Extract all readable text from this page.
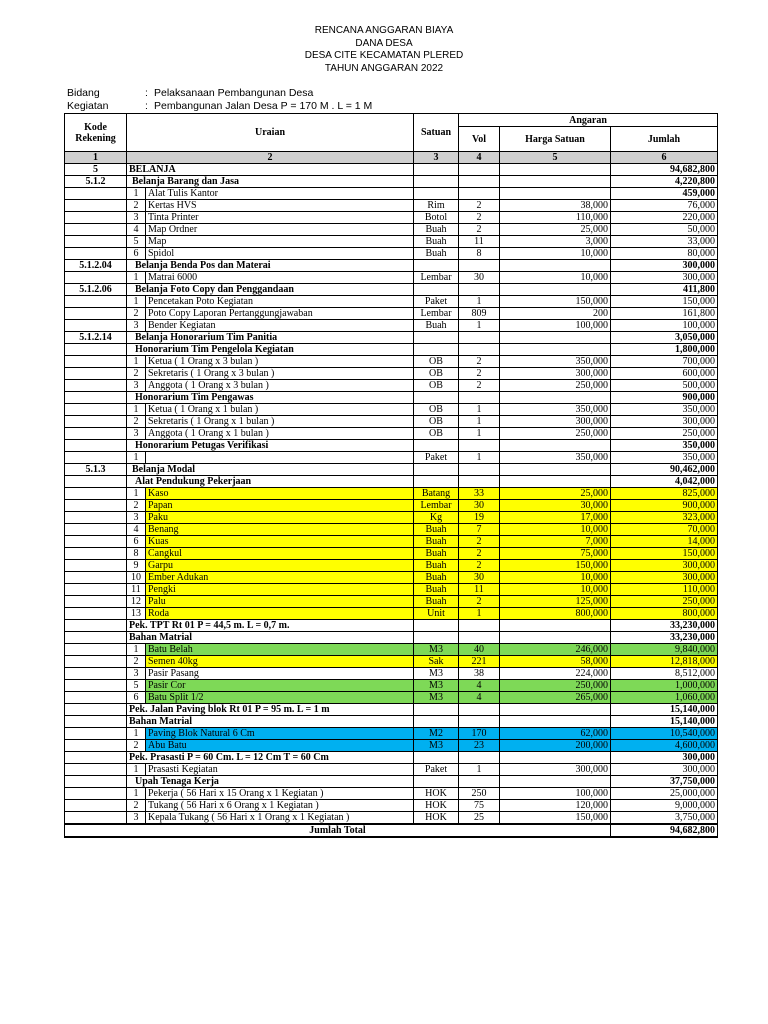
RENCANA ANGGARAN BIAYA
DANA DESA
DESA CITE KECAMATAN PLERED
TAHUN ANGGARAN 2022
Bidang	: Pelaksanaan Pembangunan Desa
Kegiatan	: Pembangunan Jalan Desa P = 170 M . L = 1 M
Kode Rekening	Uraian		Satuan	Angaran		
				Vol	Harga Satuan	Jumlah
1	2		3	4	5	6
5	BELANJA					94,682,800
5.1.2	Belanja Barang dan Jasa					4,220,800
	1	Alat Tulis Kantor				459,000
	2	Kertas HVS	Rim	2	38,000	76,000
	3	Tinta Printer	Botol	2	110,000	220,000
	4	Map Ordner	Buah	2	25,000	50,000
	5	Map	Buah	11	3,000	33,000
	6	Spidol	Buah	8	10,000	80,000
5.1.2.04	Belanja Benda Pos dan Materai					300,000
	1	Matrai 6000	Lembar	30	10,000	300,000
5.1.2.06	Belanja Foto Copy dan Penggandaan					411,800
	1	Pencetakan Poto Kegiatan	Paket	1	150,000	150,000
	2	Poto Copy Laporan Pertanggungjawaban	Lembar	809	200	161,800
	3	Bender Kegiatan	Buah	1	100,000	100,000
5.1.2.14	Belanja Honorarium Tim Panitia					3,050,000
	Honorarium Tim Pengelola Kegiatan					1,800,000
	1	Ketua ( 1 Orang x 3 bulan )	OB	2	350,000	700,000
	2	Sekretaris ( 1 Orang x 3 bulan )	OB	2	300,000	600,000
	3	Anggota ( 1 Orang x 3 bulan )	OB	2	250,000	500,000
	Honorarium Tim Pengawas					900,000
	1	Ketua ( 1 Orang x 1 bulan )	OB	1	350,000	350,000
	2	Sekretaris ( 1 Orang x 1 bulan )	OB	1	300,000	300,000
	3	Anggota ( 1 Orang x 1 bulan )	OB	1	250,000	250,000
	Honorarium Petugas Verifikasi					350,000
	1		Paket	1	350,000	350,000
5.1.3	Belanja Modal					90,462,000
	Alat Pendukung Pekerjaan					4,042,000
	1	Kaso	Batang	33	25,000	825,000
	2	Papan	Lembar	30	30,000	900,000
	3	Paku	Kg	19	17,000	323,000
	4	Benang	Buah	7	10,000	70,000
	6	Kuas	Buah	2	7,000	14,000
	8	Cangkul	Buah	2	75,000	150,000
	9	Garpu	Buah	2	150,000	300,000
	10	Ember Adukan	Buah	30	10,000	300,000
	11	Pengki	Buah	11	10,000	110,000
	12	Palu	Buah	2	125,000	250,000
	13	Roda	Unit	1	800,000	800,000
	Pek. TPT Rt 01 P = 44,5 m. L = 0,7 m.					33,230,000
	Bahan Matrial					33,230,000
	1	Batu Belah	M3	40	246,000	9,840,000
	2	Semen 40kg	Sak	221	58,000	12,818,000
	3	Pasir Pasang	M3	38	224,000	8,512,000
	5	Pasir Cor	M3	4	250,000	1,000,000
	6	Batu Split 1/2	M3	4	265,000	1,060,000
	Pek. Jalan Paving blok Rt 01 P = 95 m. L = 1 m					15,140,000
	Bahan Matrial					15,140,000
	1	Paving Blok Natural 6 Cm	M2	170	62,000	10,540,000
	2	Abu Batu	M3	23	200,000	4,600,000
	Pek. Prasasti P = 60 Cm. L = 12 Cm T = 60 Cm					300,000
	1	Prasasti Kegiatan	Paket	1	300,000	300,000
	Upah Tenaga Kerja					37,750,000
	1	Pekerja ( 56 Hari x 15 Orang x 1 Kegiatan )	HOK	250	100,000	25,000,000
	2	Tukang ( 56 Hari x 6 Orang x 1 Kegiatan )	HOK	75	120,000	9,000,000
	3	Kepala Tukang ( 56 Hari x 1 Orang x 1 Kegiatan )	HOK	25	150,000	3,750,000
Jumlah Total						94,682,800
